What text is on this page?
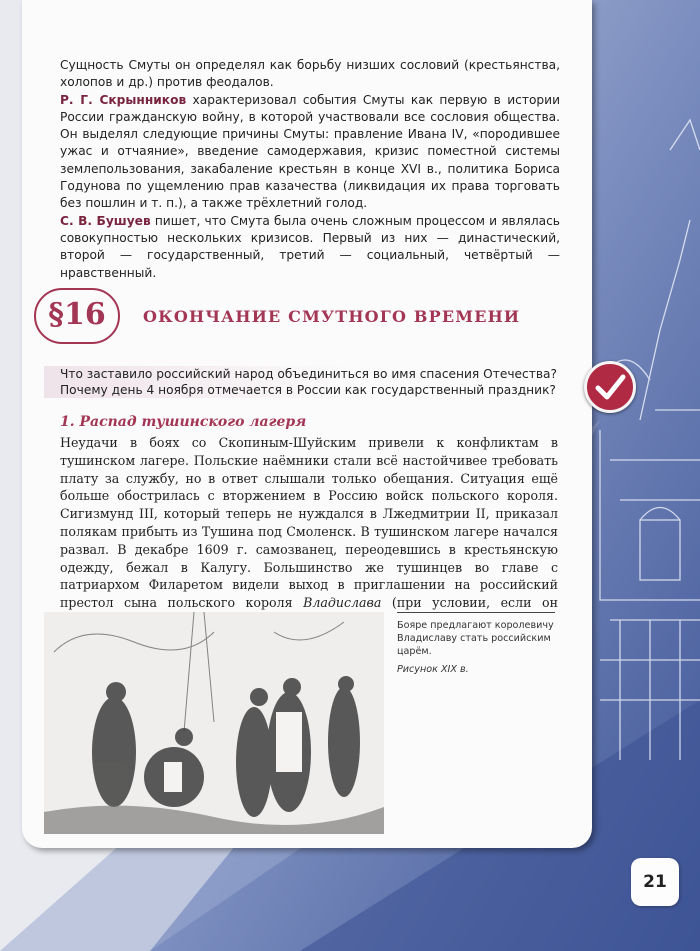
Сущность Смуты он определял как борьбу низших сословий (крестьянства, холопов и др.) против феодалов.

Р. Г. Скрынников характеризовал события Смуты как первую в истории России гражданскую войну, в которой участвовали все сословия общества. Он выделял следующие причины Смуты: правление Ивана IV, «породившее ужас и отчаяние», введение самодержавия, кризис поместной системы землепользования, закабаление крестьян в конце XVI в., политика Бориса Годунова по ущемлению прав казачества (ликвидация их права торговать без пошлин и т. п.), а также трёхлетний голод.

С. В. Бушуев пишет, что Смута была очень сложным процессом и являлась совокупностью нескольких кризисов. Первый из них — династический, второй — государственный, третий — социальный, четвёртый — нравственный.

§16	ОКОНЧАНИЕ СМУТНОГО ВРЕМЕНИ
Что заставило российский народ объединиться во имя спасения Отечества?
Почему день 4 ноября отмечается в России как государственный праздник?
1. Распад тушинского лагеря

Неудачи в боях со Скопиным-Шуйским привели к конфликтам в тушинском лагере. Польские наёмники стали всё настойчивее требовать плату за службу, но в ответ слышали только обещания. Ситуация ещё больше обострилась с вторжением в Россию войск польского короля. Сигизмунд III, который теперь не нуждался в Лжедмитрии II, приказал полякам прибыть из Тушина под Смоленск. В тушинском лагере начался развал. В декабре 1609 г. самозванец, переодевшись в крестьянскую одежду, бежал в Калугу. Большинство же тушинцев во главе с патриархом Филаретом видели выход в приглашении на российский престол сына польского короля Владислава (при условии, если он

Бояре предлагают королевичу Владиславу стать российским царём.
Рисунок XIX в.
21
